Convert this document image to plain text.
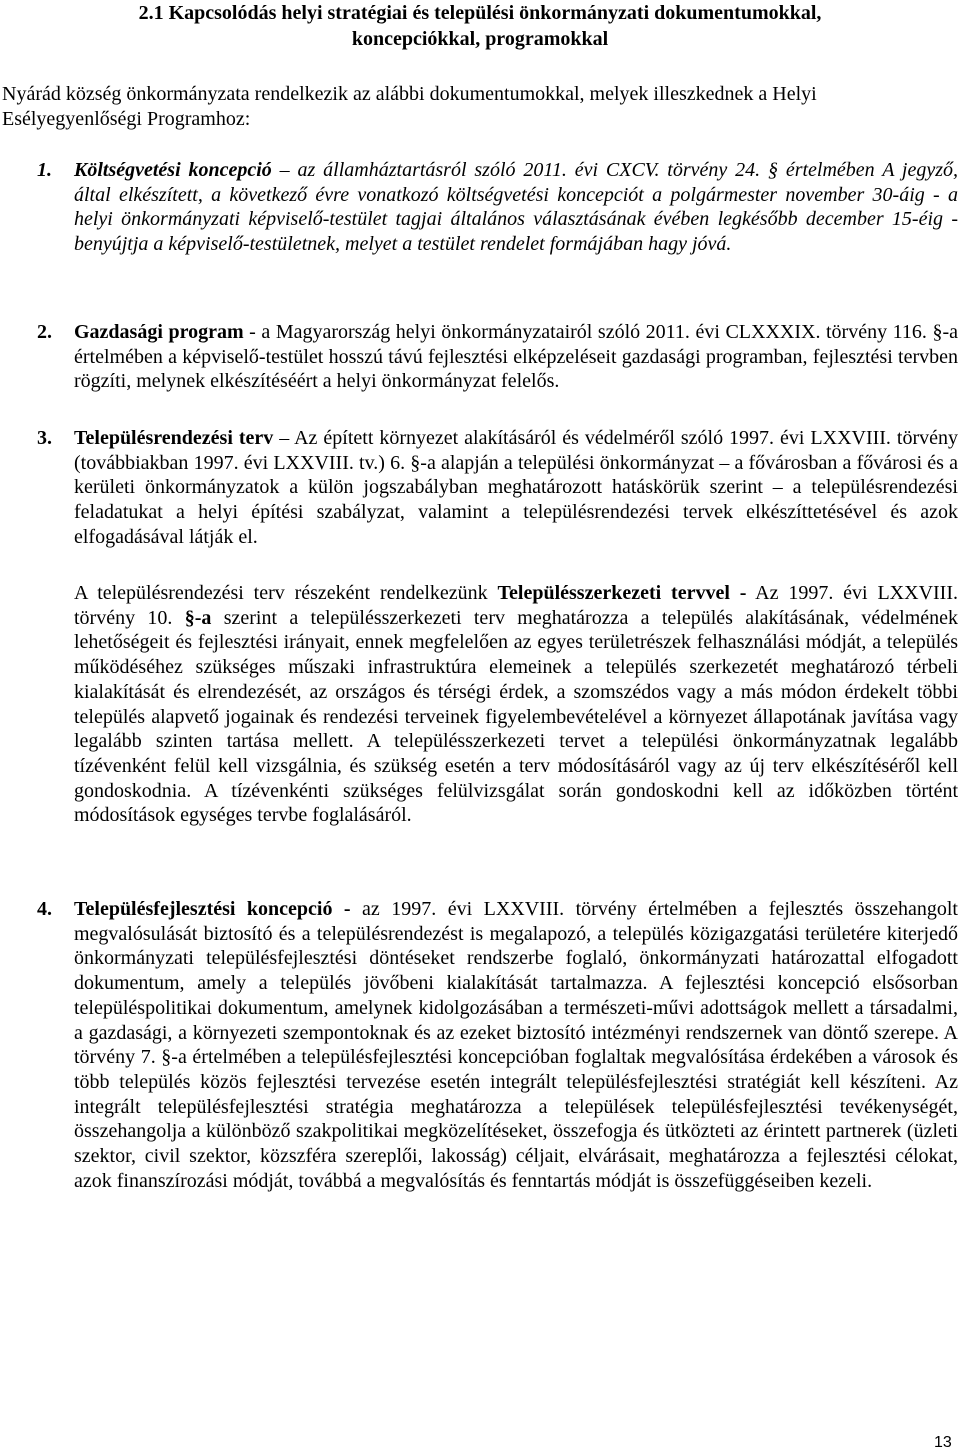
2.1 Kapcsolódás helyi stratégiai és települési önkormányzati dokumentumokkal,
koncepciókkal, programokkal
Nyárád község önkormányzata rendelkezik az alábbi dokumentumokkal, melyek illeszkednek a Helyi Esélyegyenlőségi Programhoz:
1. Költségvetési koncepció – az államháztartásról szóló 2011. évi CXCV. törvény 24. § értelmében A jegyző, által elkészített, a következő évre vonatkozó költségvetési koncepciót a polgármester november 30-áig - a helyi önkormányzati képviselő-testület tagjai általános választásának évében legkésőbb december 15-éig - benyújtja a képviselő-testületnek, melyet a testület rendelet formájában hagy jóvá.
2. Gazdasági program - a Magyarország helyi önkormányzatairól szóló 2011. évi CLXXXIX. törvény 116. §-a értelmében a képviselő-testület hosszú távú fejlesztési elképzeléseit gazdasági programban, fejlesztési tervben rögzíti, melynek elkészítéséért a helyi önkormányzat felelős.
3. Településrendezési terv – Az épített környezet alakításáról és védelméről szóló 1997. évi LXXVIII. törvény (továbbiakban 1997. évi LXXVIII. tv.) 6. §-a alapján a települési önkormányzat – a fővárosban a fővárosi és a kerületi önkormányzatok a külön jogszabályban meghatározott hatáskörük szerint – a településrendezési feladatukat a helyi építési szabályzat, valamint a településrendezési tervek elkészíttetésével és azok elfogadásával látják el.
A településrendezési terv részeként rendelkezünk Településszerkezeti tervvel - Az 1997. évi LXXVIII. törvény 10. §-a szerint a településszerkezeti terv meghatározza a település alakításának, védelmének lehetőségeit és fejlesztési irányait, ennek megfelelően az egyes területrészek felhasználási módját, a település működéséhez szükséges műszaki infrastruktúra elemeinek a település szerkezetét meghatározó térbeli kialakítását és elrendezését, az országos és térségi érdek, a szomszédos vagy a más módon érdekelt többi település alapvető jogainak és rendezési terveinek figyelembevételével a környezet állapotának javítása vagy legalább szinten tartása mellett. A településszerkezeti tervet a települési önkormányzatnak legalább tízévenként felül kell vizsgálnia, és szükség esetén a terv módosításáról vagy az új terv elkészítéséről kell gondoskodnia. A tízévenkénti szükséges felülvizsgálat során gondoskodni kell az időközben történt módosítások egységes tervbe foglalásáról.
4. Településfejlesztési koncepció - az 1997. évi LXXVIII. törvény értelmében a fejlesztés összehangolt megvalósulását biztosító és a településrendezést is megalapozó, a település közigazgatási területére kiterjedő önkormányzati településfejlesztési döntéseket rendszerbe foglaló, önkormányzati határozattal elfogadott dokumentum, amely a település jövőbeni kialakítását tartalmazza. A fejlesztési koncepció elsősorban településpolitikai dokumentum, amelynek kidolgozásában a természeti-művi adottságok mellett a társadalmi, a gazdasági, a környezeti szempontoknak és az ezeket biztosító intézményi rendszernek van döntő szerepe. A törvény 7. §-a értelmében a településfejlesztési koncepcióban foglaltak megvalósítása érdekében a városok és több település közös fejlesztési tervezése esetén integrált településfejlesztési stratégiát kell készíteni. Az integrált településfejlesztési stratégia meghatározza a települések településfejlesztési tevékenységét, összehangolja a különböző szakpolitikai megközelítéseket, összefogja és ütközteti az érintett partnerek (üzleti szektor, civil szektor, közszféra szereplői, lakosság) céljait, elvárásait, meghatározza a fejlesztési célokat, azok finanszírozási módját, továbbá a megvalósítás és fenntartás módját is összefüggéseiben kezeli.
13
